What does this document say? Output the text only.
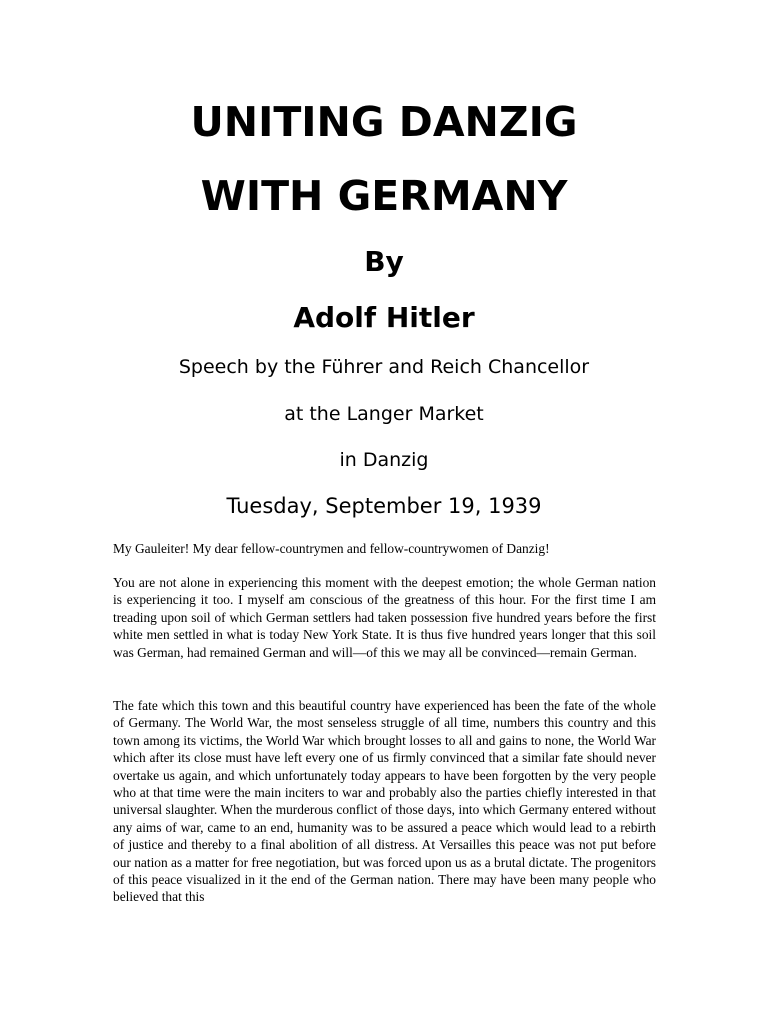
UNITING DANZIG
WITH GERMANY
By
Adolf Hitler
Speech by the Führer and Reich Chancellor
at the Langer Market
in Danzig
Tuesday, September 19, 1939

My Gauleiter! My dear fellow-countrymen and fellow-countrywomen of Danzig!

You are not alone in experiencing this moment with the deepest emotion; the whole German nation is experiencing it too. I myself am conscious of the greatness of this hour. For the first time I am treading upon soil of which German settlers had taken possession five hundred years before the first white men settled in what is today New York State. It is thus five hundred years longer that this soil was German, had remained German and will—of this we may all be convinced—remain German.

The fate which this town and this beautiful country have experienced has been the fate of the whole of Germany. The World War, the most senseless struggle of all time, numbers this country and this town among its victims, the World War which brought losses to all and gains to none, the World War which after its close must have left every one of us firmly convinced that a similar fate should never overtake us again, and which unfortunately today appears to have been forgotten by the very people who at that time were the main inciters to war and probably also the parties chiefly interested in that universal slaughter. When the murderous conflict of those days, into which Germany entered without any aims of war, came to an end, humanity was to be assured a peace which would lead to a rebirth of justice and thereby to a final abolition of all distress. At Versailles this peace was not put before our nation as a matter for free negotiation, but was forced upon us as a brutal dictate. The progenitors of this peace visualized in it the end of the German nation. There may have been many people who believed that this
